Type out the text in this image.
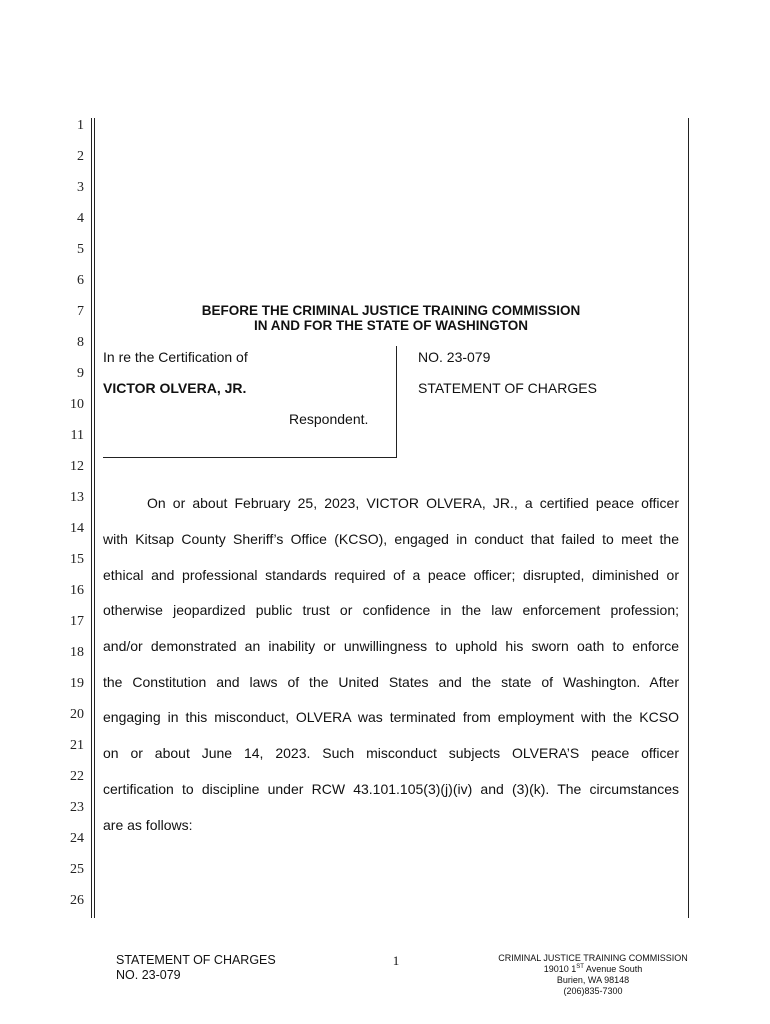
1
2
3
4
5
6
7
8
9
10
11
12
13
14
15
16
17
18
19
20
21
22
23
24
25
26
BEFORE THE CRIMINAL JUSTICE TRAINING COMMISSION
IN AND FOR THE STATE OF WASHINGTON
In re the Certification of
VICTOR OLVERA, JR.
Respondent.
NO. 23-079
STATEMENT OF CHARGES
On or about February 25, 2023, VICTOR OLVERA, JR., a certified peace officer
with Kitsap County Sheriff’s Office (KCSO), engaged in conduct that failed to meet the
ethical and professional standards required of a peace officer; disrupted, diminished or
otherwise jeopardized public trust or confidence in the law enforcement profession;
and/or demonstrated an inability or unwillingness to uphold his sworn oath to enforce
the Constitution and laws of the United States and the state of Washington. After
engaging in this misconduct, OLVERA was terminated from employment with the KCSO
on or about June 14, 2023. Such misconduct subjects OLVERA’S peace officer
certification to discipline under RCW 43.101.105(3)(j)(iv) and (3)(k). The circumstances
are as follows:
STATEMENT OF CHARGES
NO. 23-079
1	CRIMINAL JUSTICE TRAINING COMMISSION
19010 1ST Avenue South
Burien, WA 98148
(206)835-7300
